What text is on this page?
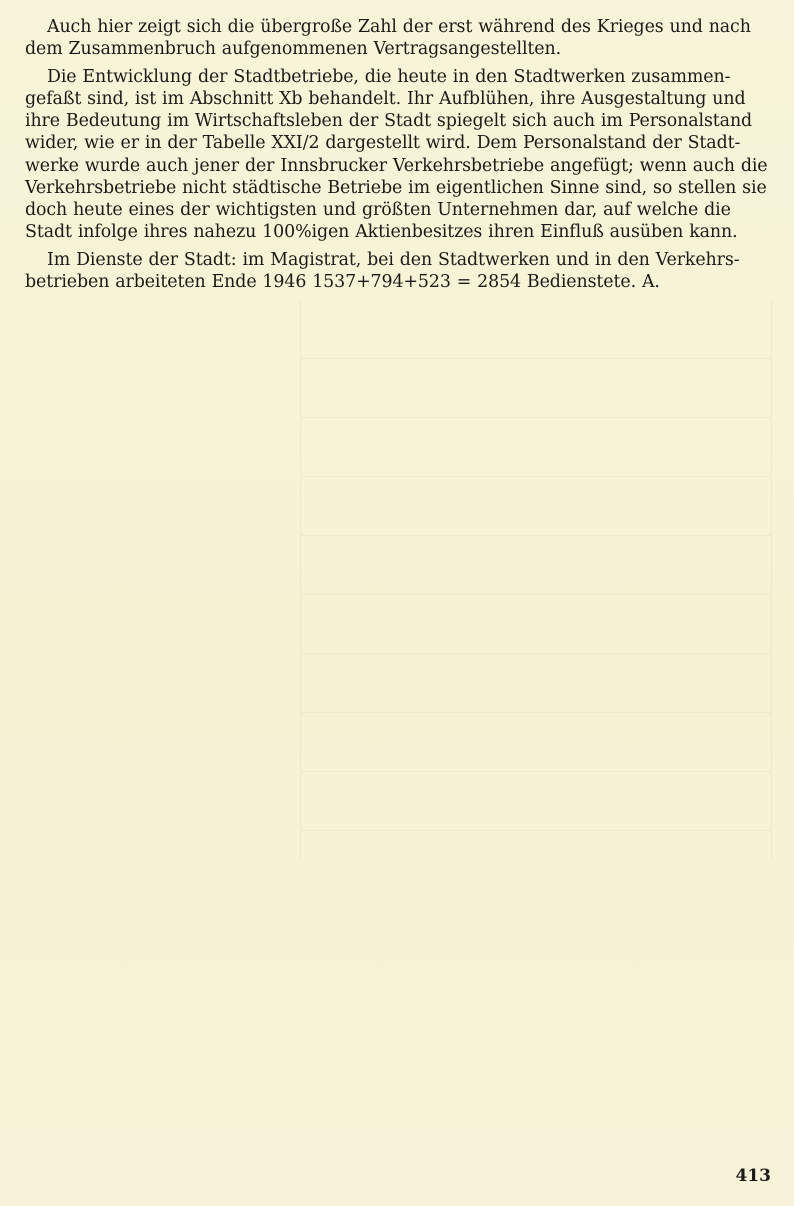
Auch hier zeigt sich die übergroße Zahl der erst während des Krieges und nach
dem Zusammenbruch aufgenommenen Vertragsangestellten.

Die Entwicklung der Stadtbetriebe, die heute in den Stadtwerken zusammen-
gefaßt sind, ist im Abschnitt Xb behandelt. Ihr Aufblühen, ihre Ausgestaltung und
ihre Bedeutung im Wirtschaftsleben der Stadt spiegelt sich auch im Personalstand
wider, wie er in der Tabelle XXI/2 dargestellt wird. Dem Personalstand der Stadt-
werke wurde auch jener der Innsbrucker Verkehrsbetriebe angefügt; wenn auch die
Verkehrsbetriebe nicht städtische Betriebe im eigentlichen Sinne sind, so stellen sie
doch heute eines der wichtigsten und größten Unternehmen dar, auf welche die
Stadt infolge ihres nahezu 100%igen Aktienbesitzes ihren Einfluß ausüben kann.

Im Dienste der Stadt: im Magistrat, bei den Stadtwerken und in den Verkehrs-
betrieben arbeiteten Ende 1946 1537+794+523 = 2854 Bedienstete. A.

413
